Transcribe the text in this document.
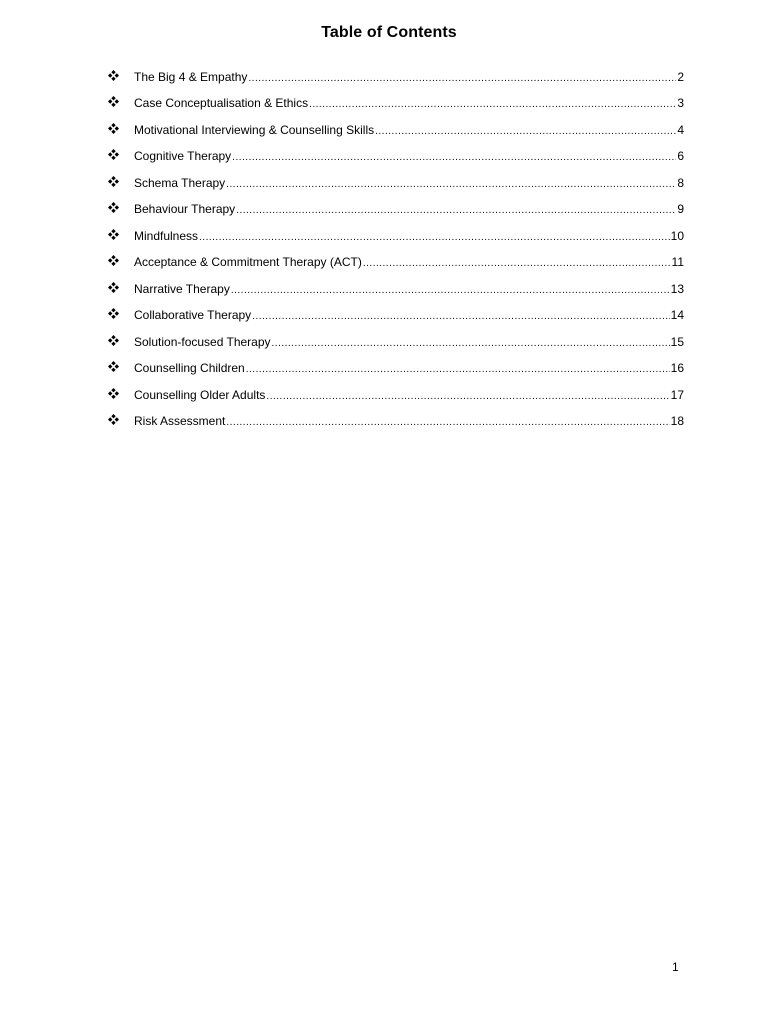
Table of Contents
The Big 4 & Empathy .....	2
Case Conceptualisation & Ethics .....	3
Motivational Interviewing & Counselling Skills .....	4
Cognitive Therapy .....	6
Schema Therapy .....	8
Behaviour Therapy .....	9
Mindfulness .....	10
Acceptance & Commitment Therapy (ACT) .....	11
Narrative Therapy .....	13
Collaborative Therapy .....	14
Solution-focused Therapy .....	15
Counselling Children .....	16
Counselling Older Adults .....	17
Risk Assessment .....	18
1
